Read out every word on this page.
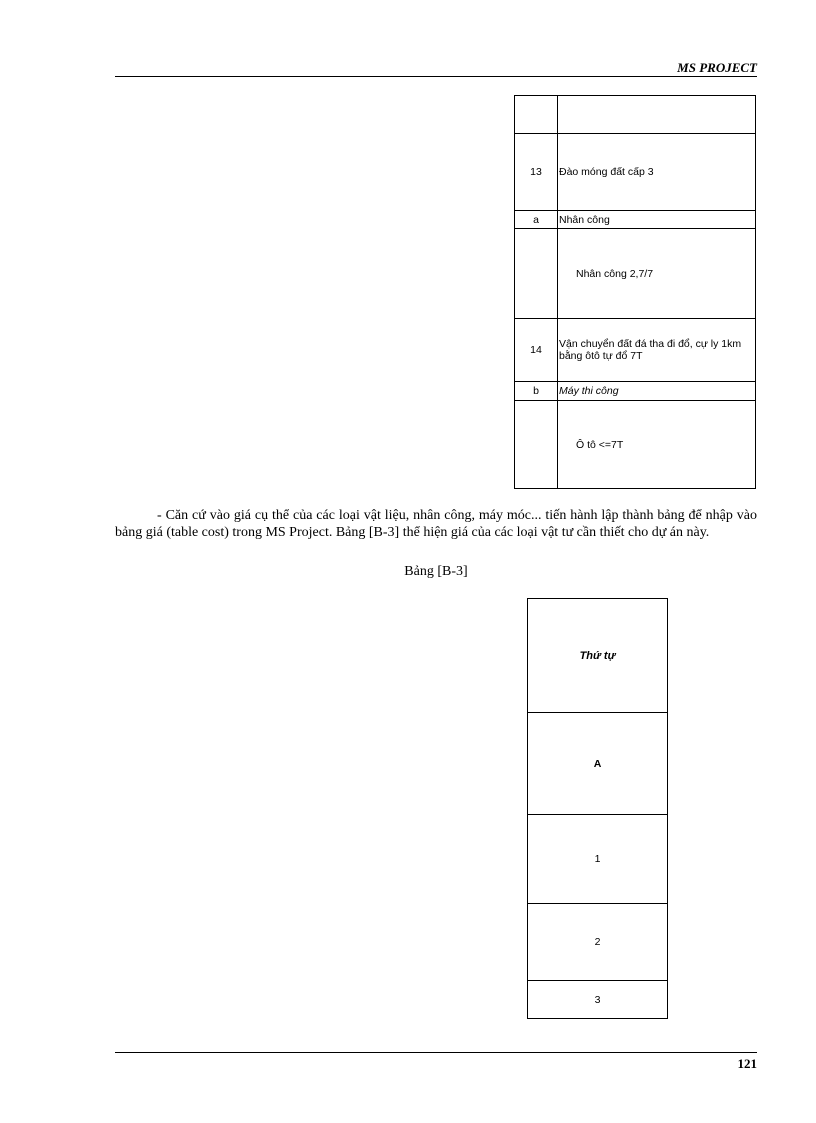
MS PROJECT

13	Đào móng đất cấp 3
a	Nhân công
	Nhân công 2,7/7
14	Vận chuyển đất đá tha đi đổ, cự ly 1km bằng ôtô tự đổ 7T
b	Máy thi công
	Ô tô <=7T
- Căn cứ vào giá cụ thể của các loại vật liệu, nhân công, máy móc... tiến hành lập thành bảng để nhập vào bảng giá (table cost) trong MS Project. Bảng [B-3] thể hiện giá của các loại vật tư cần thiết cho dự án này.
Bảng [B-3]
Thứ tự
A
1
2
3
121
